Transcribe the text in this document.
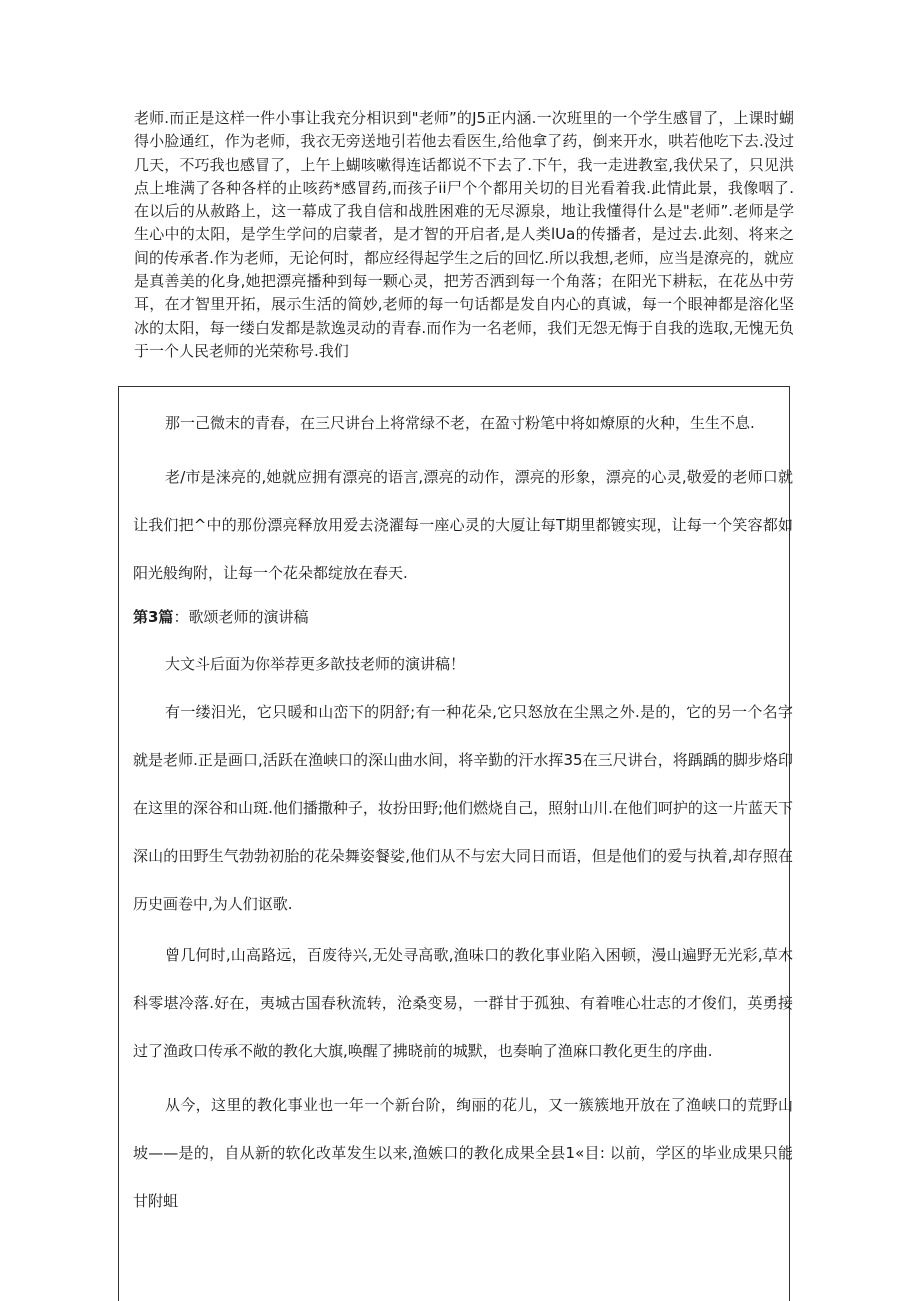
老师.而正是这样一件小事让我充分相识到"老师”的J5正内涵.一次班里的一个学生感冒了，上课时蝴得小脸通红，作为老师，我衣无旁送地引若他去看医生,给他拿了药，倒来开水，哄若他吃下去.没过几天，不巧我也感冒了，上午上蝴咳嗽得连话都说不下去了.下午，我一走进教室,我伏呆了，只见洪点上堆满了各种各样的止咳药*感冒药,而孩子ii尸个个都用关切的目光看着我.此情此景，我像咽了.在以后的从赦路上，这一幕成了我自信和战胜困难的无尽源泉，地让我懂得什么是"老师”.老师是学生心中的太阳，是学生学问的启蒙者，是才智的开启者,是人类lUa的传播者，是过去.此刻、将来之间的传承者.作为老师，无论何时，都应经得起学生之后的回忆.所以我想,老师，应当是潦亮的，就应是真善美的化身,她把漂亮播种到每一颗心灵，把芳否洒到每一个角落；在阳光下耕耘，在花丛中劳耳，在才智里开拓，展示生活的简妙,老师的每一句话都是发自内心的真诚，每一个眼神都是溶化坚冰的太阳，每一缕白发都是款逸灵动的青春.而作为一名老师，我们无怨无悔于自我的选取,无愧无负于一个人民老师的光荣称号.我们

那一己微末的青春，在三尺讲台上将常绿不老，在盈寸粉笔中将如燎原的火种，生生不息.

老/市是涞亮的,她就应拥有漂亮的语言,漂亮的动作，漂亮的形象，漂亮的心灵,敬爱的老师口就让我们把^中的那份漂亮释放用爱去浇濯每一座心灵的大厦让每T期里都镀实现，让每一个笑容都如阳光般绚附，让每一个花朵都绽放在春天.

第3篇：歌颂老师的演讲稿

大文斗后面为你举荐更多歆技老师的演讲稿！

有一缕汨光，它只暖和山峦下的阴舒;有一种花朵,它只怒放在尘黑之外.是的，它的另一个名字就是老师.正是画口,活跃在渔峡口的深山曲水间，将辛勤的汗水挥35在三尺讲台，将踽踽的脚步烙印在这里的深谷和山斑.他们播撒种子，妆扮田野;他们燃烧自己，照射山川.在他们呵护的这一片蓝天下深山的田野生气勃勃初胎的花朵舞姿餐娑,他们从不与宏大同日而语，但是他们的爱与执着,却存照在历史画卷中,为人们讴歌.

曾几何时,山高路远，百废待兴,无处寻高歌,渔味口的教化事业陷入困顿，漫山遍野无光彩,草木科零堪冷落.好在，夷城古国春秋流转，沧桑变易，一群甘于孤独、有着唯心壮志的才俊们，英勇接过了渔政口传承不敞的教化大旗,唤醒了拂晓前的城默，也奏晌了渔麻口教化更生的序曲.

从今，这里的教化事业也一年一个新台阶，绚丽的花儿，又一簇簇地开放在了渔峡口的荒野山坡——是的，自从新的软化改革发生以来,渔嫉口的教化成果全县1«目: 以前，学区的毕业成果只能甘附蛆
